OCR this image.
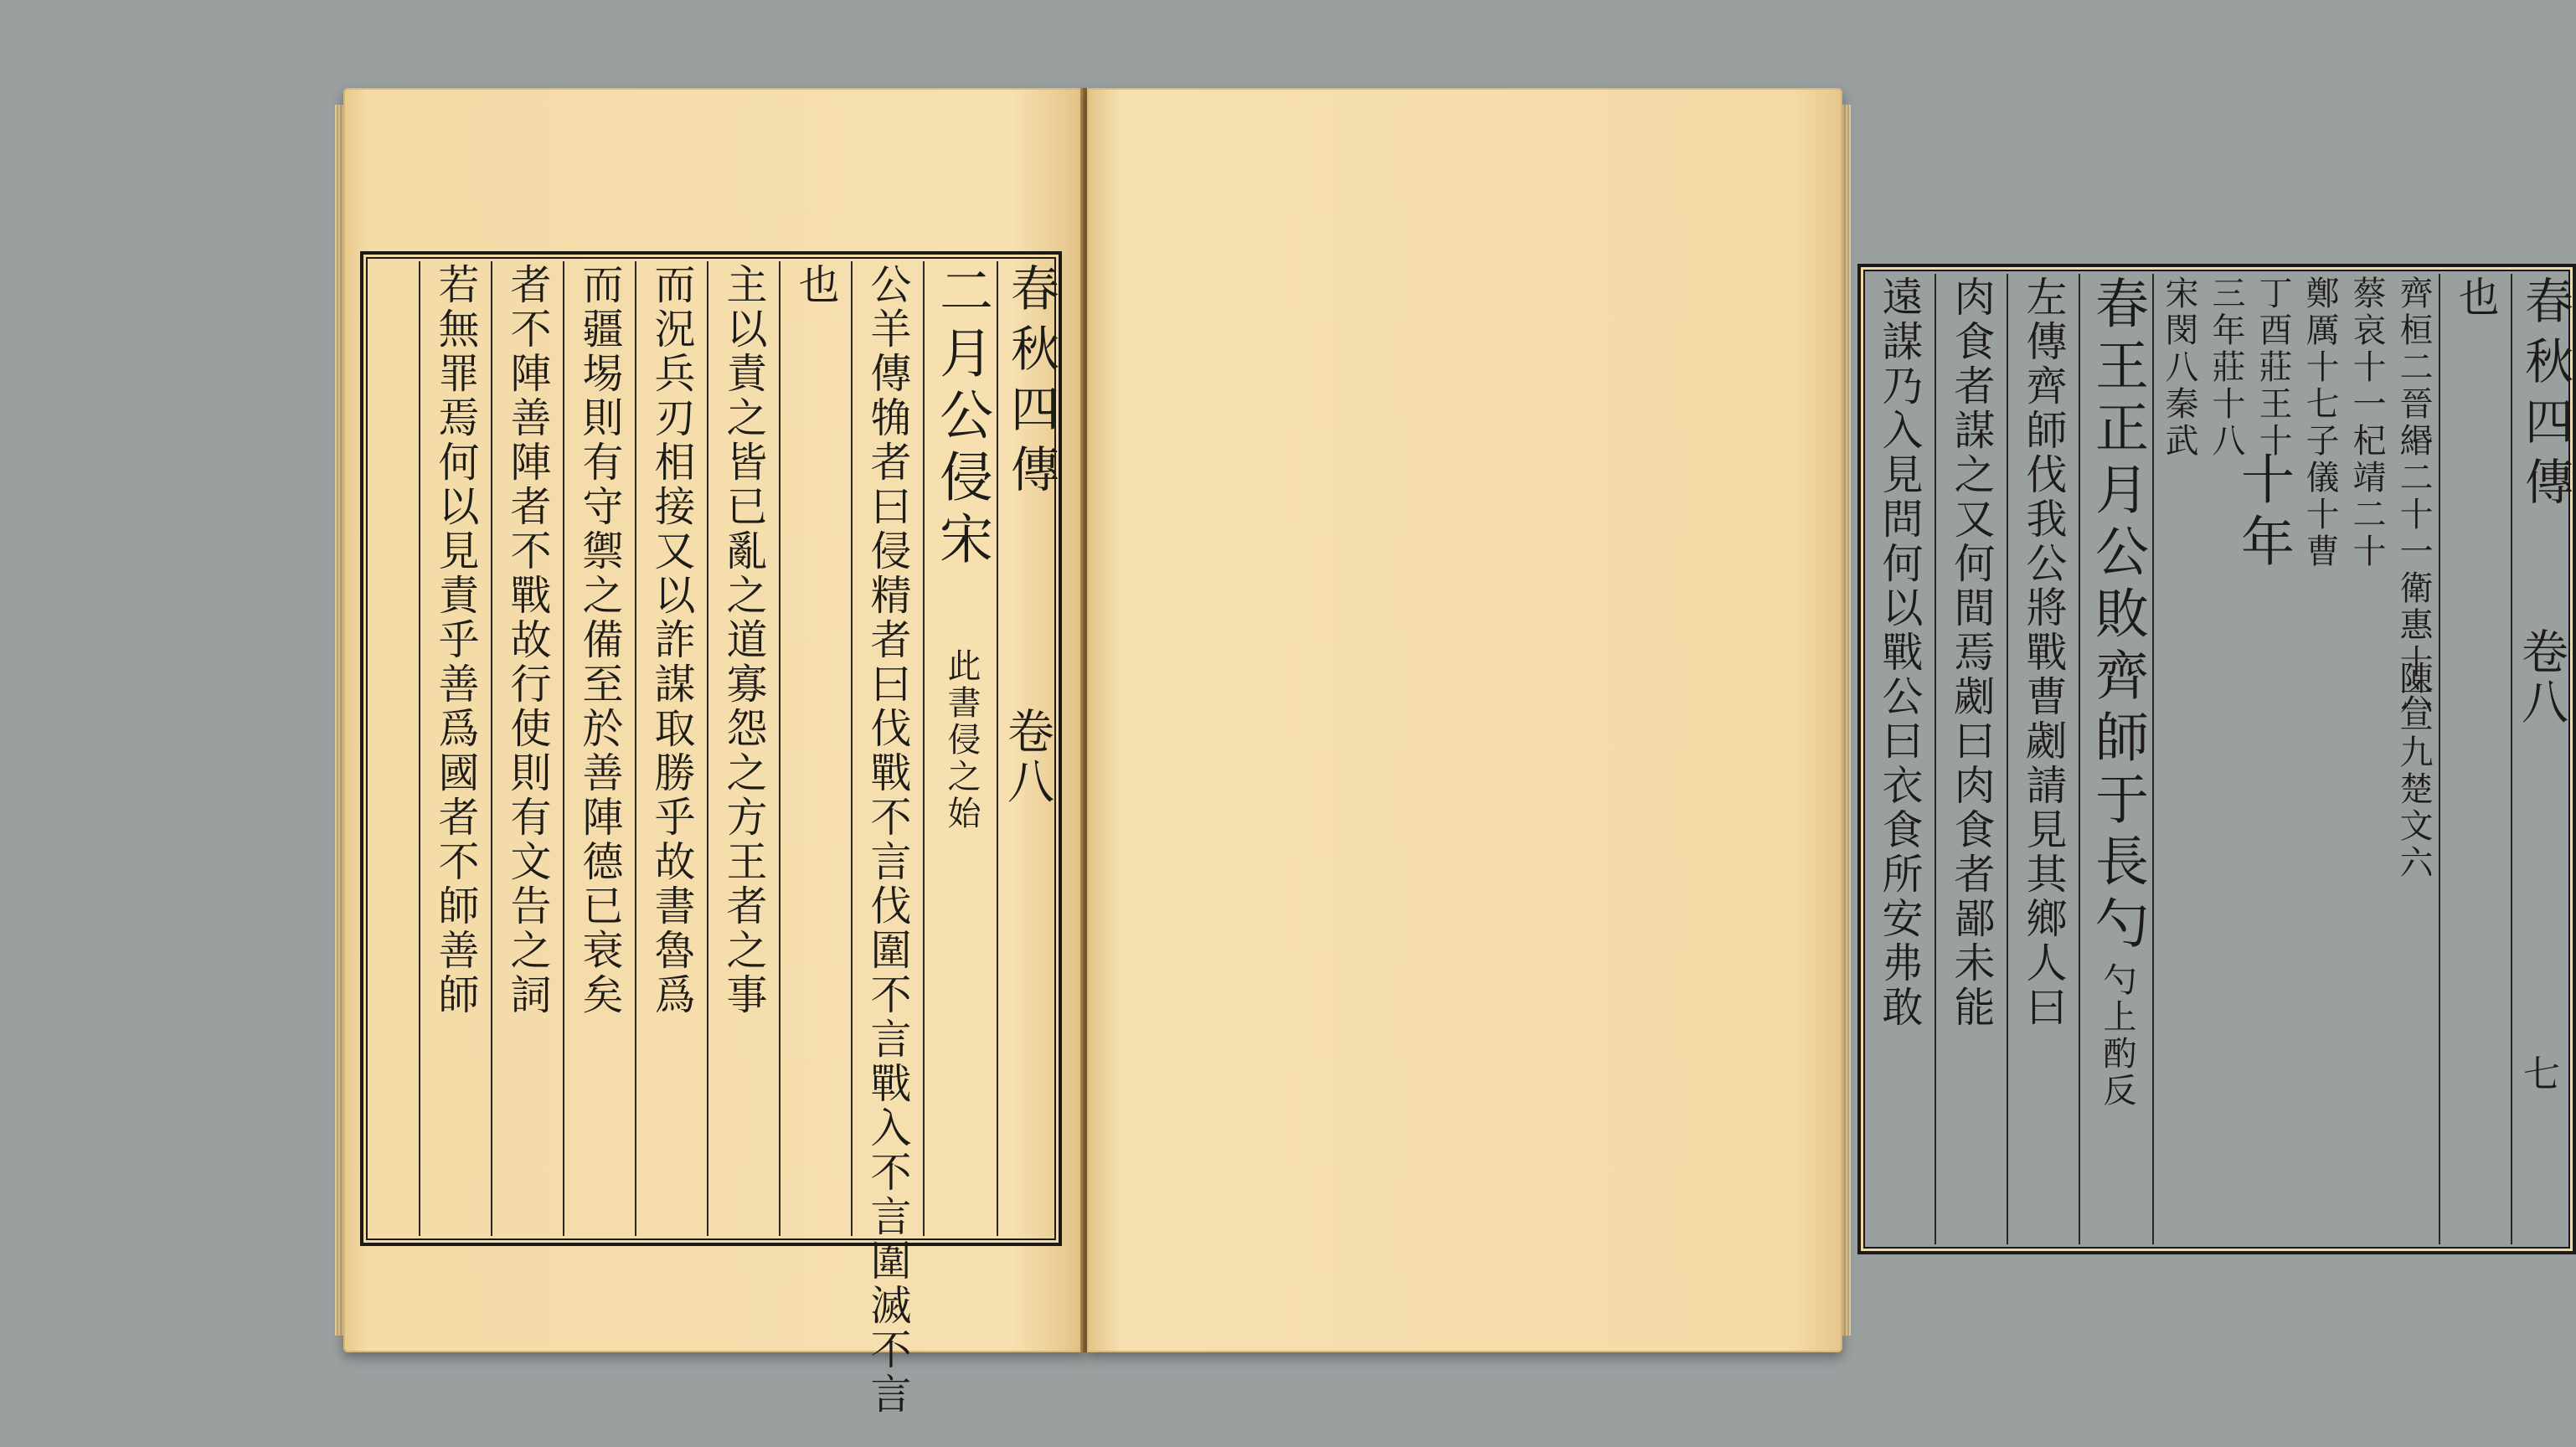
春秋四傳
卷八
二月公侵宋
此書侵之始
公羊傳觕者曰侵精者曰伐戰不言伐圍不言戰入不言圍滅不言
也
主以責之皆已亂之道寡怨之方王者之事
而況兵刃相接又以詐謀取勝乎故書魯爲
而疆埸則有守禦之備至於善陣德已衰矣
者不陣善陣者不戰故行使則有文告之詞
若無罪焉何以見責乎善爲國者不師善師	春秋四傳
卷八
七
也
齊桓二晉緡二十一衛惠十六
蔡哀十一杞靖二十
鄭厲十七子儀十曹
十年
陳宣九楚文六
丁酉莊王十
三年莊十八
宋閔八秦武
春王正月公敗齊師于長勺
勺上酌反
左傳齊師伐我公將戰曹劌請見其鄉人曰
肉食者謀之又何間焉劌曰肉食者鄙未能
遠謀乃入見問何以戰公曰衣食所安弗敢
